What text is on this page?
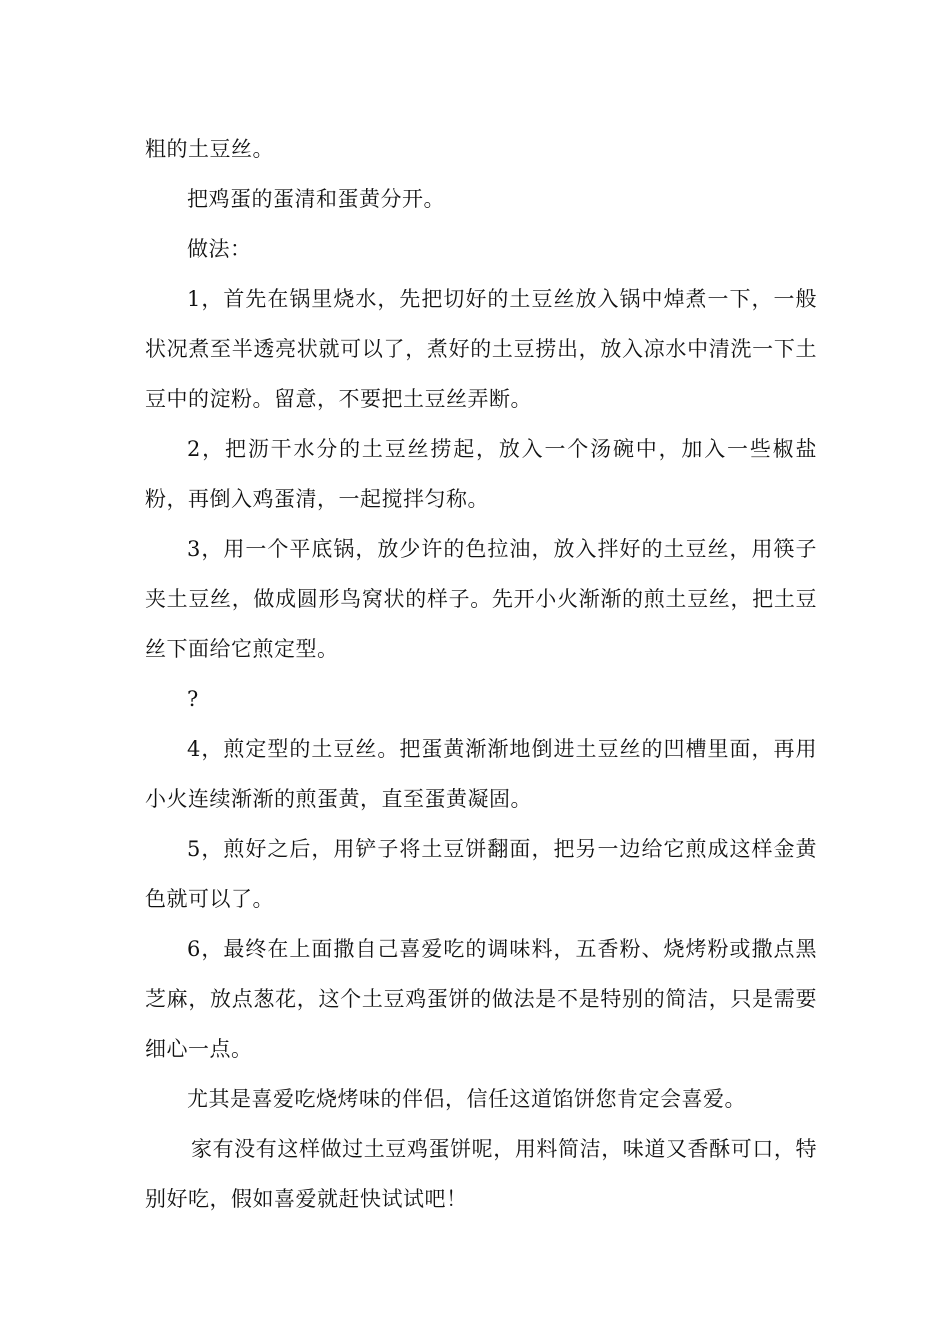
粗的土豆丝。

把鸡蛋的蛋清和蛋黄分开。

做法：

1，首先在锅里烧水，先把切好的土豆丝放入锅中焯煮一下，一般状况煮至半透亮状就可以了，煮好的土豆捞出，放入凉水中清洗一下土豆中的淀粉。留意，不要把土豆丝弄断。

2，把沥干水分的土豆丝捞起，放入一个汤碗中，加入一些椒盐粉，再倒入鸡蛋清，一起搅拌匀称。

3，用一个平底锅，放少许的色拉油，放入拌好的土豆丝，用筷子夹土豆丝，做成圆形鸟窝状的样子。先开小火渐渐的煎土豆丝，把土豆丝下面给它煎定型。

?

4，煎定型的土豆丝。把蛋黄渐渐地倒进土豆丝的凹槽里面，再用小火连续渐渐的煎蛋黄，直至蛋黄凝固。

5，煎好之后，用铲子将土豆饼翻面，把另一边给它煎成这样金黄色就可以了。

6，最终在上面撒自己喜爱吃的调味料，五香粉、烧烤粉或撒点黑芝麻，放点葱花，这个土豆鸡蛋饼的做法是不是特别的简洁，只是需要细心一点。

尤其是喜爱吃烧烤味的伴侣，信任这道馅饼您肯定会喜爱。

家有没有这样做过土豆鸡蛋饼呢，用料简洁，味道又香酥可口，特别好吃，假如喜爱就赶快试试吧！
